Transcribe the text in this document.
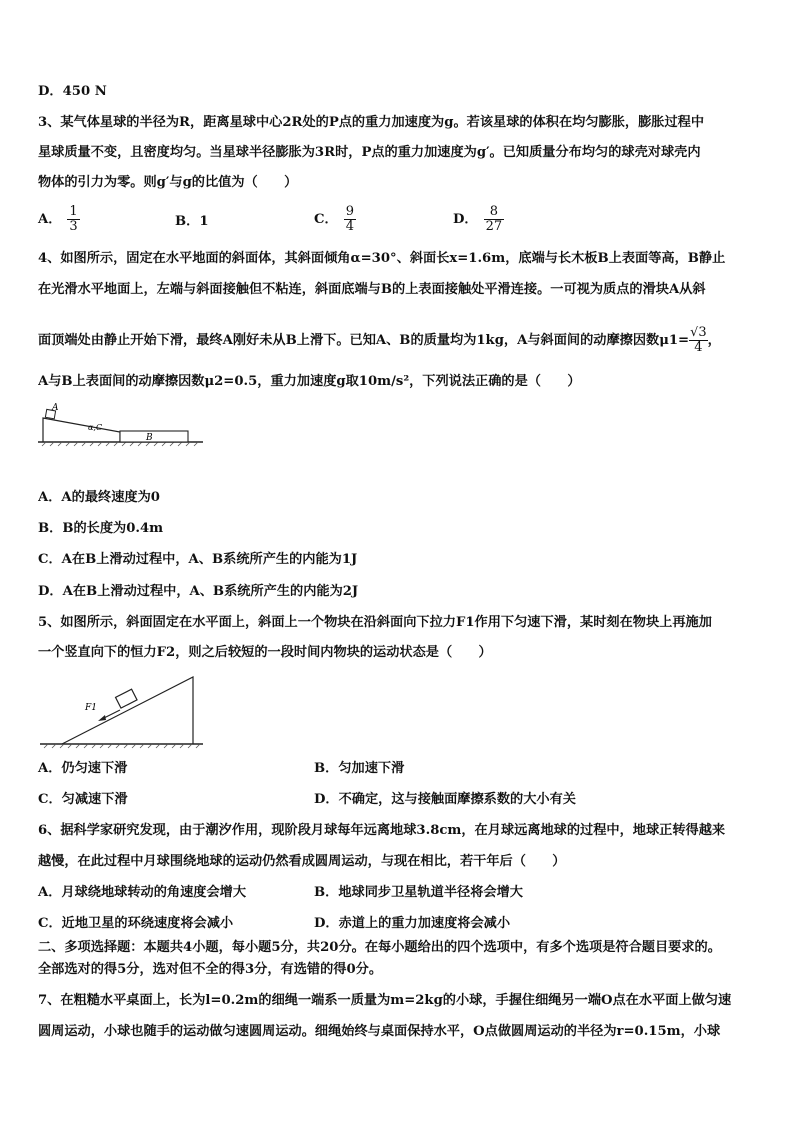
D．450 N
3、某气体星球的半径为R，距离星球中心2R处的P点的重力加速度为g。若该星球的体积在均匀膨胀，膨胀过程中
星球质量不变，且密度均匀。当星球半径膨胀为3R时，P点的重力加速度为g′。已知质量分布均匀的球壳对球壳内
物体的引力为零。则g′与g的比值为（　　）
A． $\frac{1}{3}$	B．1	C． $\frac{9}{4}$	D． $\frac{8}{27}$
4、如图所示，固定在水平地面的斜面体，其斜面倾角α=30°、斜面长x=1.6m，底端与长木板B上表面等高，B静止
在光滑水平地面上，左端与斜面接触但不粘连，斜面底端与B的上表面接触处平滑连接。一可视为质点的滑块A从斜
面顶端处由静止开始下滑，最终A刚好未从B上滑下。已知A、B的质量均为1kg，A与斜面间的动摩擦因数$\mu 1= \frac{√3}{4}$，
A与B上表面间的动摩擦因数μ2=0.5，重力加速度g取10m/s²，下列说法正确的是（　　）
A
α,C
B
A．A的最终速度为0
B．B的长度为0.4m
C．A在B上滑动过程中，A、B系统所产生的内能为1J
D．A在B上滑动过程中，A、B系统所产生的内能为2J
5、如图所示，斜面固定在水平面上，斜面上一个物块在沿斜面向下拉力F1作用下匀速下滑，某时刻在物块上再施加
一个竖直向下的恒力F2，则之后较短的一段时间内物块的运动状态是（　　）
F1
A．仍匀速下滑	B．匀加速下滑
C．匀减速下滑	D．不确定，这与接触面摩擦系数的大小有关
6、据科学家研究发现，由于潮汐作用，现阶段月球每年远离地球3.8cm，在月球远离地球的过程中，地球正转得越来
越慢，在此过程中月球围绕地球的运动仍然看成圆周运动，与现在相比，若干年后（　　）
A．月球绕地球转动的角速度会增大	B．地球同步卫星轨道半径将会增大
C．近地卫星的环绕速度将会减小	D．赤道上的重力加速度将会减小
二、多项选择题：本题共4小题，每小题5分，共20分。在每小题给出的四个选项中，有多个选项是符合题目要求的。
全部选对的得5分，选对但不全的得3分，有选错的得0分。
7、在粗糙水平桌面上，长为l=0.2m的细绳一端系一质量为m=2kg的小球，手握住细绳另一端O点在水平面上做匀速
圆周运动，小球也随手的运动做匀速圆周运动。细绳始终与桌面保持水平，O点做圆周运动的半径为r=0.15m，小球
